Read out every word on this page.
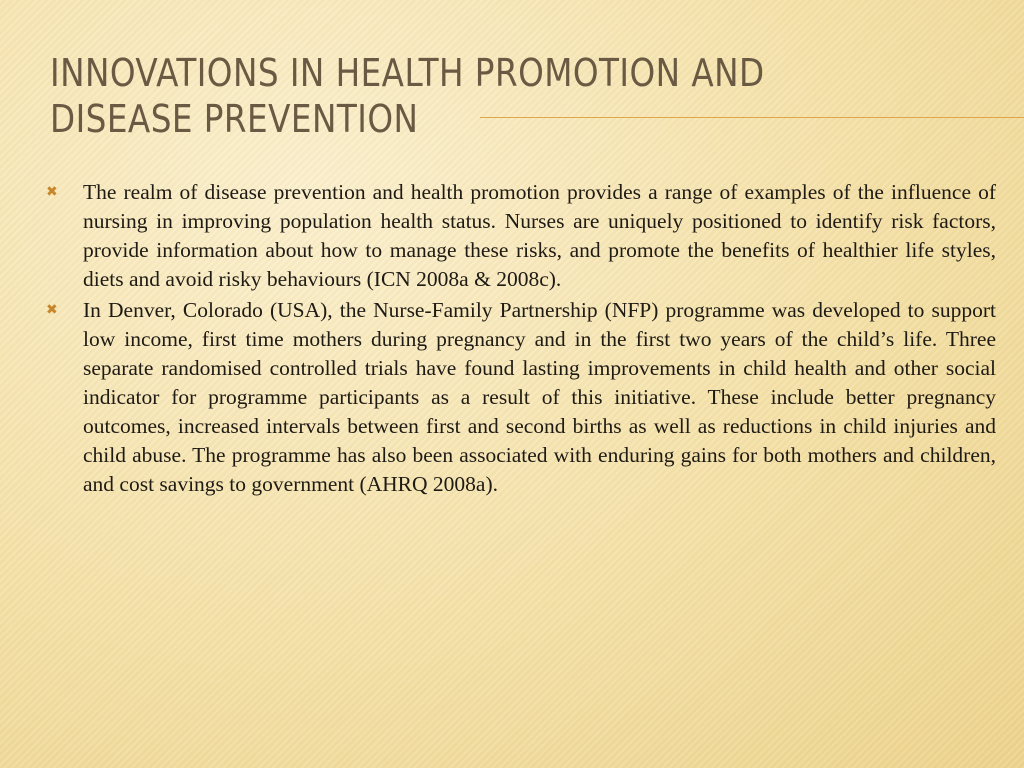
INNOVATIONS IN HEALTH PROMOTION AND DISEASE PREVENTION
✖ The realm of disease prevention and health promotion provides a range of examples of the influence of nursing in improving population health status. Nurses are uniquely positioned to identify risk factors, provide information about how to manage these risks, and promote the benefits of healthier life styles, diets and avoid risky behaviours (ICN 2008a & 2008c).
✖ In Denver, Colorado (USA), the Nurse-Family Partnership (NFP) programme was developed to support low income, first time mothers during pregnancy and in the first two years of the child’s life. Three separate randomised controlled trials have found lasting improvements in child health and other social indicator for programme participants as a result of this initiative. These include better pregnancy outcomes, increased intervals between first and second births as well as reductions in child injuries and child abuse. The programme has also been associated with enduring gains for both mothers and children, and cost savings to government (AHRQ 2008a).
